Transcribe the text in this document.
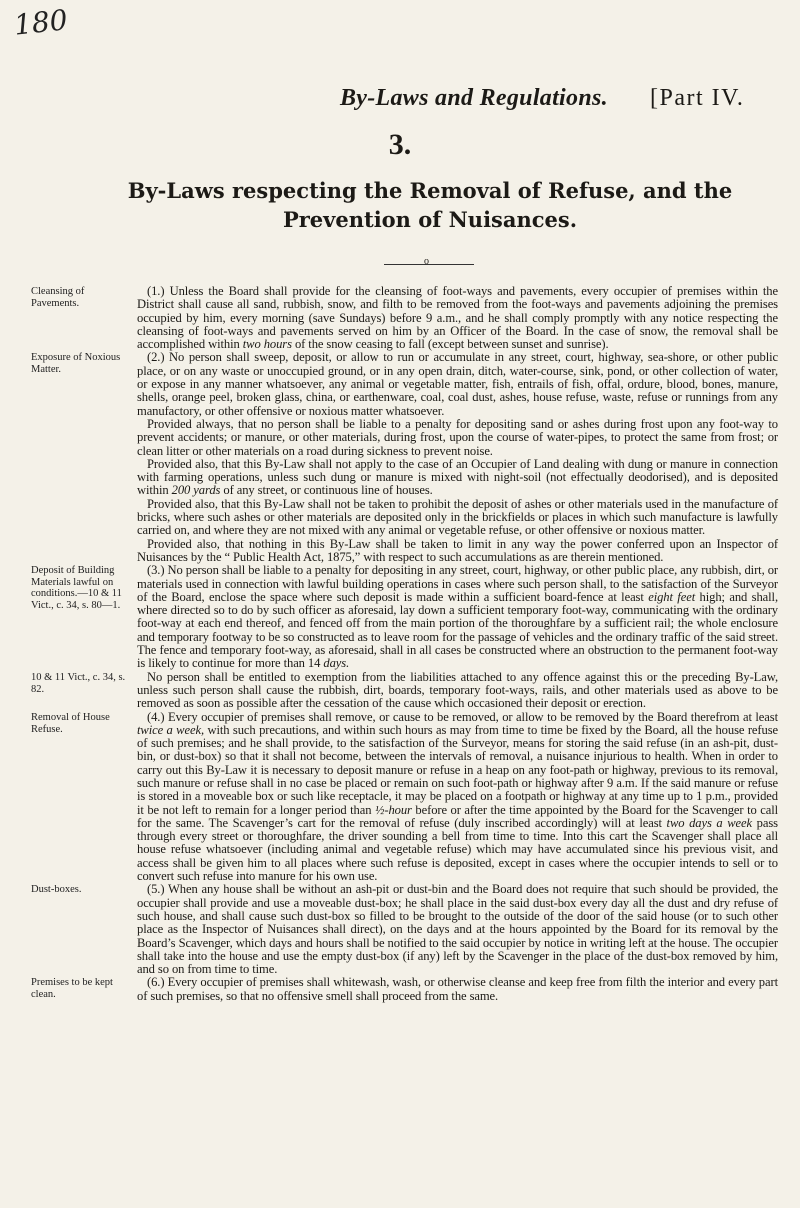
180
By-Laws and Regulations. [Part IV.
3.
By-Laws respecting the Removal of Refuse, and the
Prevention of Nuisances.
o
Cleansing of Pavements.
Exposure of Noxious Matter.
Deposit of Building Materials lawful on conditions.—10 & 11 Vict., c. 34, s. 80—1.
10 & 11 Vict., c. 34, s. 82.
Removal of House Refuse.
Dust-boxes.
Premises to be kept clean.

(1.) Unless the Board shall provide for the cleansing of foot-ways and pavements, every occupier of premises within the District shall cause all sand, rubbish, snow, and filth to be removed from the foot-ways and pavements adjoining the premises occupied by him, every morning (save Sundays) before 9 a.m., and he shall comply promptly with any notice respecting the cleansing of foot-ways and pavements served on him by an Officer of the Board. In the case of snow, the removal shall be accomplished within two hours of the snow ceasing to fall (except between sunset and sunrise).

(2.) No person shall sweep, deposit, or allow to run or accumulate in any street, court, highway, sea-shore, or other public place, or on any waste or unoccupied ground, or in any open drain, ditch, water-course, sink, pond, or other collection of water, or expose in any manner whatsoever, any animal or vegetable matter, fish, entrails of fish, offal, ordure, blood, bones, manure, shells, orange peel, broken glass, china, or earthenware, coal, coal dust, ashes, house refuse, waste, refuse or runnings from any manufactory, or other offensive or noxious matter whatsoever.

Provided always, that no person shall be liable to a penalty for depositing sand or ashes during frost upon any foot-way to prevent accidents; or manure, or other materials, during frost, upon the course of water-pipes, to protect the same from frost; or clean litter or other materials on a road during sickness to prevent noise.

Provided also, that this By-Law shall not apply to the case of an Occupier of Land dealing with dung or manure in connection with farming operations, unless such dung or manure is mixed with night-soil (not effectually deodorised), and is deposited within 200 yards of any street, or continuous line of houses.

Provided also, that this By-Law shall not be taken to prohibit the deposit of ashes or other materials used in the manufacture of bricks, where such ashes or other materials are deposited only in the brickfields or places in which such manufacture is lawfully carried on, and where they are not mixed with any animal or vegetable refuse, or other offensive or noxious matter.

Provided also, that nothing in this By-Law shall be taken to limit in any way the power conferred upon an Inspector of Nuisances by the “ Public Health Act, 1875,” with respect to such accumulations as are therein mentioned.

(3.) No person shall be liable to a penalty for depositing in any street, court, highway, or other public place, any rubbish, dirt, or materials used in connection with lawful building operations in cases where such person shall, to the satisfaction of the Surveyor of the Board, enclose the space where such deposit is made within a sufficient board-fence at least eight feet high; and shall, where directed so to do by such officer as aforesaid, lay down a sufficient temporary foot-way, communicating with the ordinary foot-way at each end thereof, and fenced off from the main portion of the thoroughfare by a sufficient rail; the whole enclosure and temporary footway to be so constructed as to leave room for the passage of vehicles and the ordinary traffic of the said street. The fence and temporary foot-way, as aforesaid, shall in all cases be constructed where an obstruction to the permanent foot-way is likely to continue for more than 14 days.

No person shall be entitled to exemption from the liabilities attached to any offence against this or the preceding By-Law, unless such person shall cause the rubbish, dirt, boards, temporary foot-ways, rails, and other materials used as above to be removed as soon as possible after the cessation of the cause which occasioned their deposit or erection.

(4.) Every occupier of premises shall remove, or cause to be removed, or allow to be removed by the Board therefrom at least twice a week, with such precautions, and within such hours as may from time to time be fixed by the Board, all the house refuse of such premises; and he shall provide, to the satisfaction of the Surveyor, means for storing the said refuse (in an ash-pit, dust-bin, or dust-box) so that it shall not become, between the intervals of removal, a nuisance injurious to health. When in order to carry out this By-Law it is necessary to deposit manure or refuse in a heap on any foot-path or highway, previous to its removal, such manure or refuse shall in no case be placed or remain on such foot-path or highway after 9 a.m. If the said manure or refuse is stored in a moveable box or such like receptacle, it may be placed on a footpath or highway at any time up to 1 p.m., provided it be not left to remain for a longer period than ½-hour before or after the time appointed by the Board for the Scavenger to call for the same. The Scavenger’s cart for the removal of refuse (duly inscribed accordingly) will at least two days a week pass through every street or thoroughfare, the driver sounding a bell from time to time. Into this cart the Scavenger shall place all house refuse whatsoever (including animal and vegetable refuse) which may have accumulated since his previous visit, and access shall be given him to all places where such refuse is deposited, except in cases where the occupier intends to sell or to convert such refuse into manure for his own use.

(5.) When any house shall be without an ash-pit or dust-bin and the Board does not require that such should be provided, the occupier shall provide and use a moveable dust-box; he shall place in the said dust-box every day all the dust and dry refuse of such house, and shall cause such dust-box so filled to be brought to the outside of the door of the said house (or to such other place as the Inspector of Nuisances shall direct), on the days and at the hours appointed by the Board for its removal by the Board’s Scavenger, which days and hours shall be notified to the said occupier by notice in writing left at the house. The occupier shall take into the house and use the empty dust-box (if any) left by the Scavenger in the place of the dust-box removed by him, and so on from time to time.

(6.) Every occupier of premises shall whitewash, wash, or otherwise cleanse and keep free from filth the interior and every part of such premises, so that no offensive smell shall proceed from the same.
